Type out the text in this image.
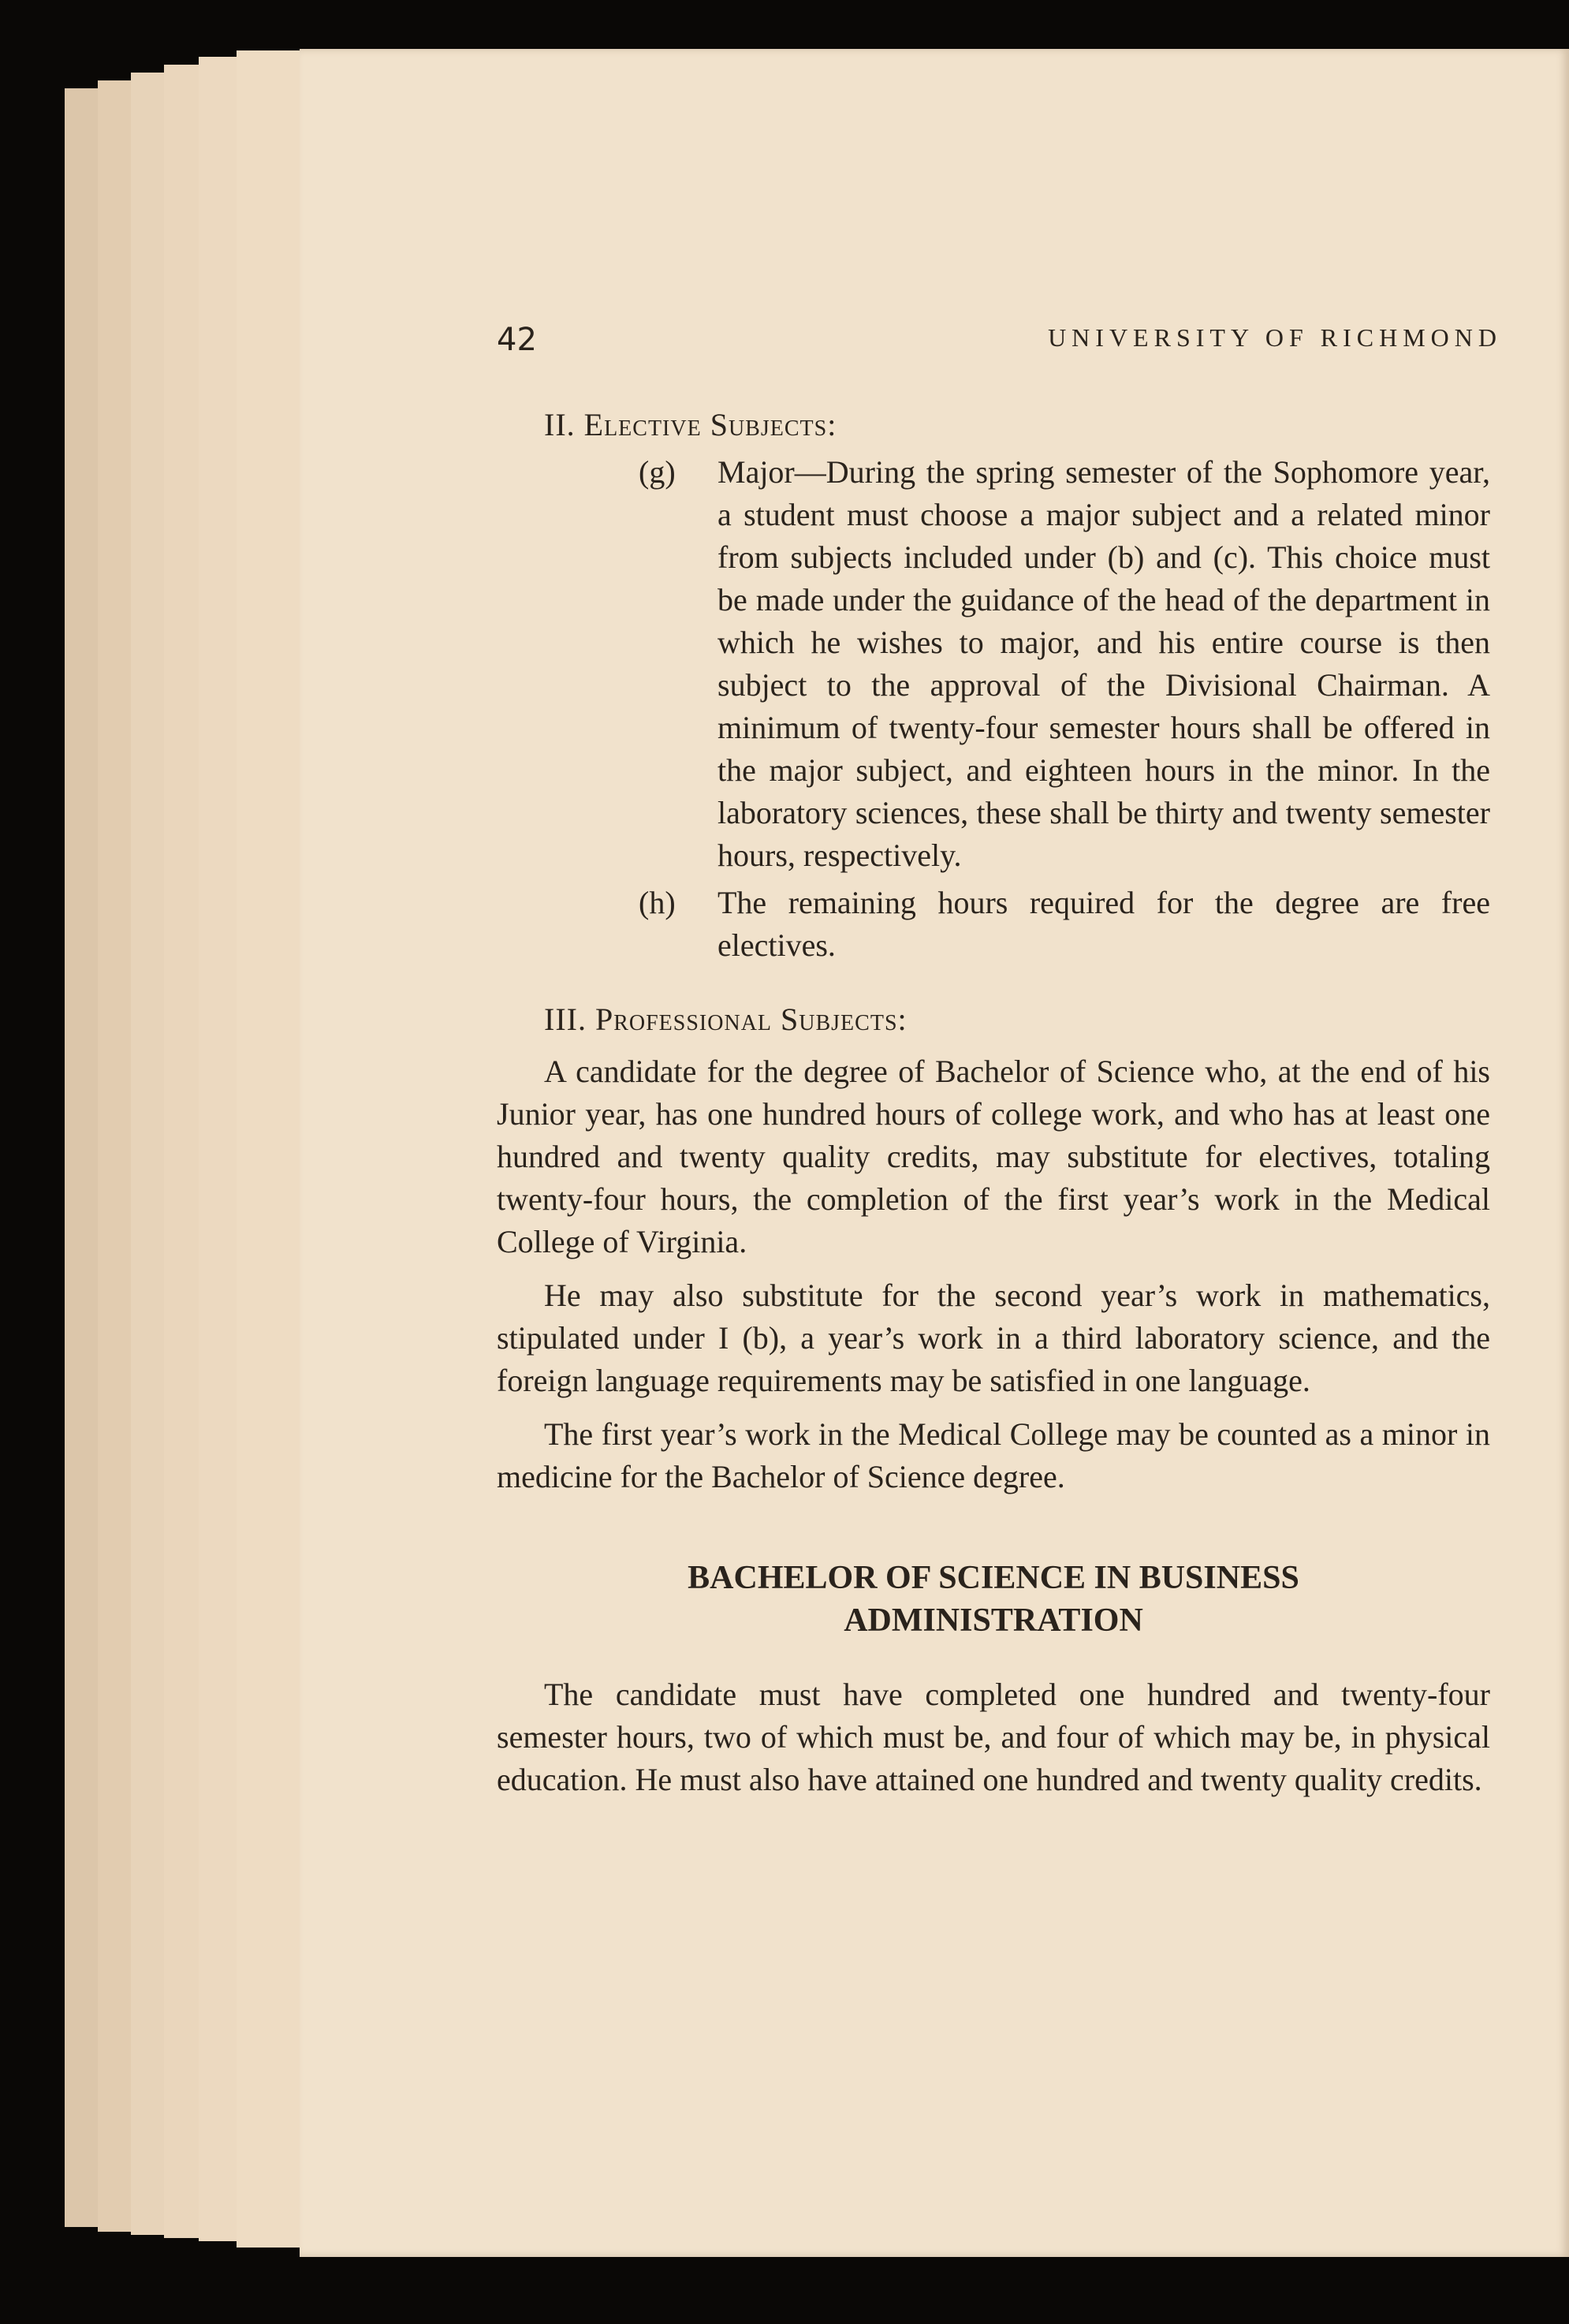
42	UNIVERSITY OF RICHMOND
II. Elective Subjects:
(g) Major—During the spring semester of the Sophomore year, a student must choose a major subject and a related minor from subjects included under (b) and (c). This choice must be made under the guidance of the head of the department in which he wishes to major, and his entire course is then subject to the approval of the Divisional Chairman. A minimum of twenty-four semester hours shall be offered in the major subject, and eighteen hours in the minor. In the laboratory sciences, these shall be thirty and twenty semester hours, respectively.
(h) The remaining hours required for the degree are free electives.
III. Professional Subjects:

A candidate for the degree of Bachelor of Science who, at the end of his Junior year, has one hundred hours of college work, and who has at least one hundred and twenty quality credits, may substitute for electives, totaling twenty-four hours, the completion of the first year’s work in the Medical College of Virginia.

He may also substitute for the second year’s work in mathematics, stipulated under I (b), a year’s work in a third laboratory science, and the foreign language requirements may be satisfied in one language.

The first year’s work in the Medical College may be counted as a minor in medicine for the Bachelor of Science degree.

BACHELOR OF SCIENCE IN BUSINESS
ADMINISTRATION

The candidate must have completed one hundred and twenty-four semester hours, two of which must be, and four of which may be, in physical education. He must also have attained one hundred and twenty quality credits.
